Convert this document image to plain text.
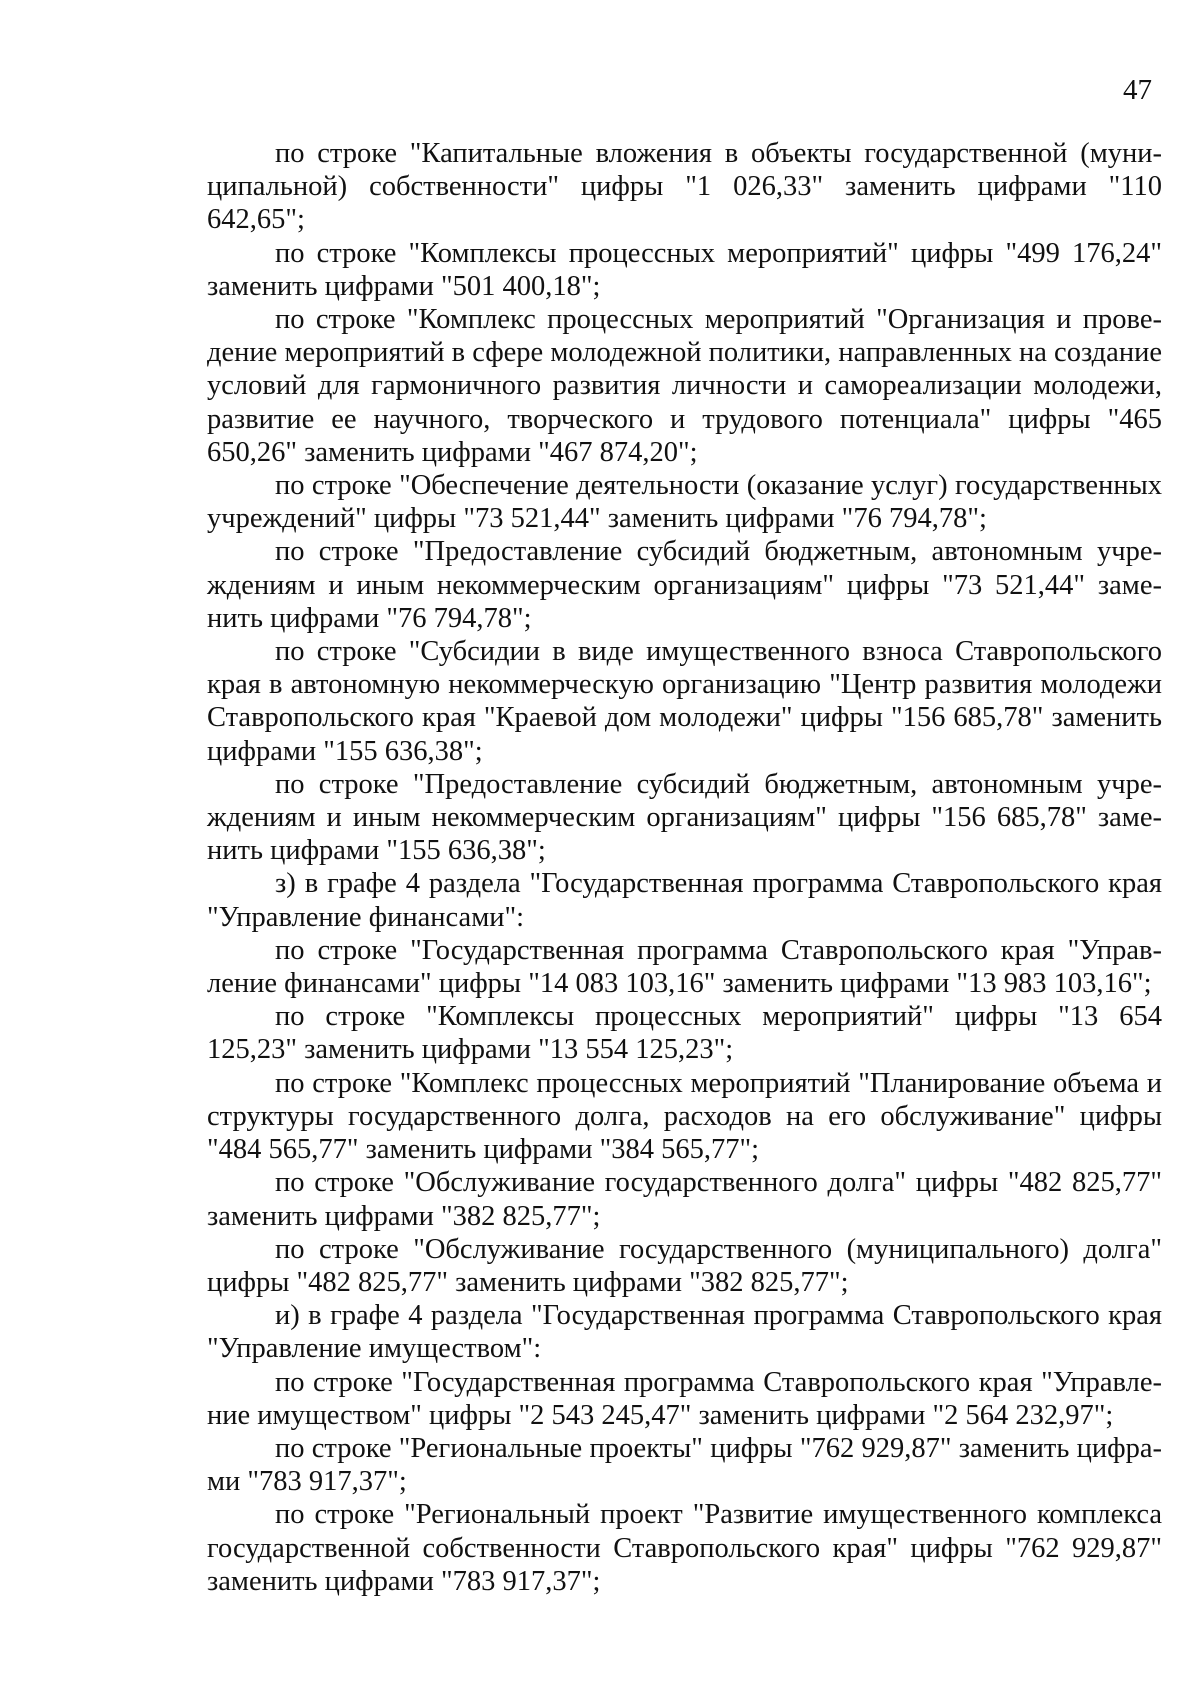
47

по строке "Капитальные вложения в объекты государственной (муниципальной) собственности" цифры "1 026,33" заменить цифрами "110 642,65";

по строке "Комплексы процессных мероприятий" цифры "499 176,24" заменить цифрами "501 400,18";

по строке "Комплекс процессных мероприятий "Организация и проведение мероприятий в сфере молодежной политики, направленных на создание условий для гармоничного развития личности и самореализации молодежи, развитие ее научного, творческого и трудового потенциала" цифры "465 650,26" заменить цифрами "467 874,20";

по строке "Обеспечение деятельности (оказание услуг) государственных учреждений" цифры "73 521,44" заменить цифрами "76 794,78";

по строке "Предоставление субсидий бюджетным, автономным учреждениям и иным некоммерческим организациям" цифры "73 521,44" заменить цифрами "76 794,78";

по строке "Субсидии в виде имущественного взноса Ставропольского края в автономную некоммерческую организацию "Центр развития молодежи Ставропольского края "Краевой дом молодежи" цифры "156 685,78" заменить цифрами "155 636,38";

по строке "Предоставление субсидий бюджетным, автономным учреждениям и иным некоммерческим организациям" цифры "156 685,78" заменить цифрами "155 636,38";

з) в графе 4 раздела "Государственная программа Ставропольского края "Управление финансами":

по строке "Государственная программа Ставропольского края "Управление финансами" цифры "14 083 103,16" заменить цифрами "13 983 103,16";

по строке "Комплексы процессных мероприятий" цифры "13 654 125,23" заменить цифрами "13 554 125,23";

по строке "Комплекс процессных мероприятий "Планирование объема и структуры государственного долга, расходов на его обслуживание" цифры "484 565,77" заменить цифрами "384 565,77";

по строке "Обслуживание государственного долга" цифры "482 825,77" заменить цифрами "382 825,77";

по строке "Обслуживание государственного (муниципального) долга" цифры "482 825,77" заменить цифрами "382 825,77";

и) в графе 4 раздела "Государственная программа Ставропольского края "Управление имуществом":

по строке "Государственная программа Ставропольского края "Управление имуществом" цифры "2 543 245,47" заменить цифрами "2 564 232,97";

по строке "Региональные проекты" цифры "762 929,87" заменить цифрами "783 917,37";

по строке "Региональный проект "Развитие имущественного комплекса государственной собственности Ставропольского края" цифры "762 929,87" заменить цифрами "783 917,37";
